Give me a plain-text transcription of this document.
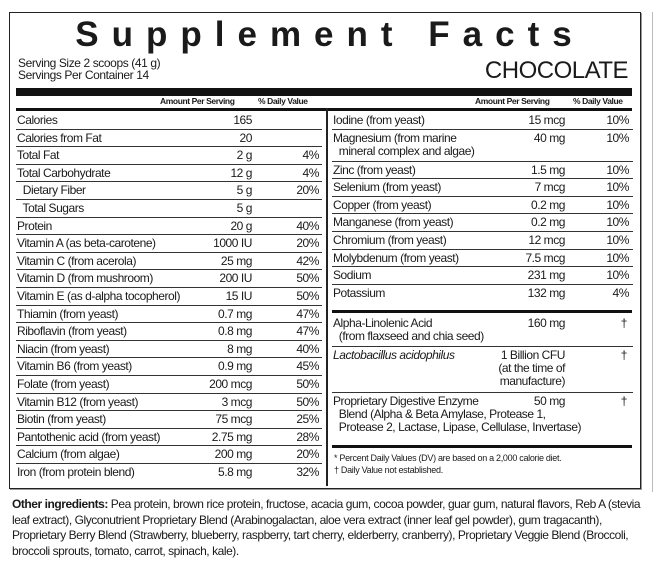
Supplement Facts
Serving Size 2 scoops (41 g)
Servings Per Container 14	CHOCOLATE
Amount Per Serving	% Daily Value	Amount Per Serving	% Daily Value
Calories	165
Calories from Fat	20
Total Fat	2 g	4%
Total Carbohydrate	12 g	4%
Dietary Fiber	5 g	20%
Total Sugars	5 g
Protein	20 g	40%
Vitamin A (as beta-carotene)	1000 IU	20%
Vitamin C (from acerola)	25 mg	42%
Vitamin D (from mushroom)	200 IU	50%
Vitamin E (as d-alpha tocopherol)	15 IU	50%
Thiamin (from yeast)	0.7 mg	47%
Riboflavin (from yeast)	0.8 mg	47%
Niacin (from yeast)	8 mg	40%
Vitamin B6 (from yeast)	0.9 mg	45%
Folate (from yeast)	200 mcg	50%
Vitamin B12 (from yeast)	3 mcg	50%
Biotin (from yeast)	75 mcg	25%
Pantothenic acid (from yeast)	2.75 mg	28%
Calcium (from algae)	200 mg	20%
Iron (from protein blend)	5.8 mg	32%
Iodine (from yeast)	15 mcg	10%
Magnesium (from marine
mineral complex and algae)
40 mg	10%
Zinc (from yeast)	1.5 mg	10%
Selenium (from yeast)	7 mcg	10%
Copper (from yeast)	0.2 mg	10%
Manganese (from yeast)	0.2 mg	10%
Chromium (from yeast)	12 mcg	10%
Molybdenum (from yeast)	7.5 mcg	10%
Sodium	231 mg	10%
Potassium	132 mg	4%
Alpha-Linolenic Acid
(from flaxseed and chia seed)
160 mg	†
Lactobacillus acidophilus	1 Billion CFU
(at the time of
manufacture)
†
Proprietary Digestive Enzyme
Blend (Alpha & Beta Amylase, Protease 1,
Protease 2, Lactase, Lipase, Cellulase, Invertase)
50 mg	†
* Percent Daily Values (DV) are based on a 2,000 calorie diet.
† Daily Value not established.
Other ingredients: Pea protein, brown rice protein, fructose, acacia gum, cocoa powder, guar gum, natural flavors, Reb A (stevia leaf extract), Glyconutrient Proprietary Blend (Arabinogalactan, aloe vera extract (inner leaf gel powder), gum tragacanth), Proprietary Berry Blend (Strawberry, blueberry, raspberry, tart cherry, elderberry, cranberry), Proprietary Veggie Blend (Broccoli, broccoli sprouts, tomato, carrot, spinach, kale).
